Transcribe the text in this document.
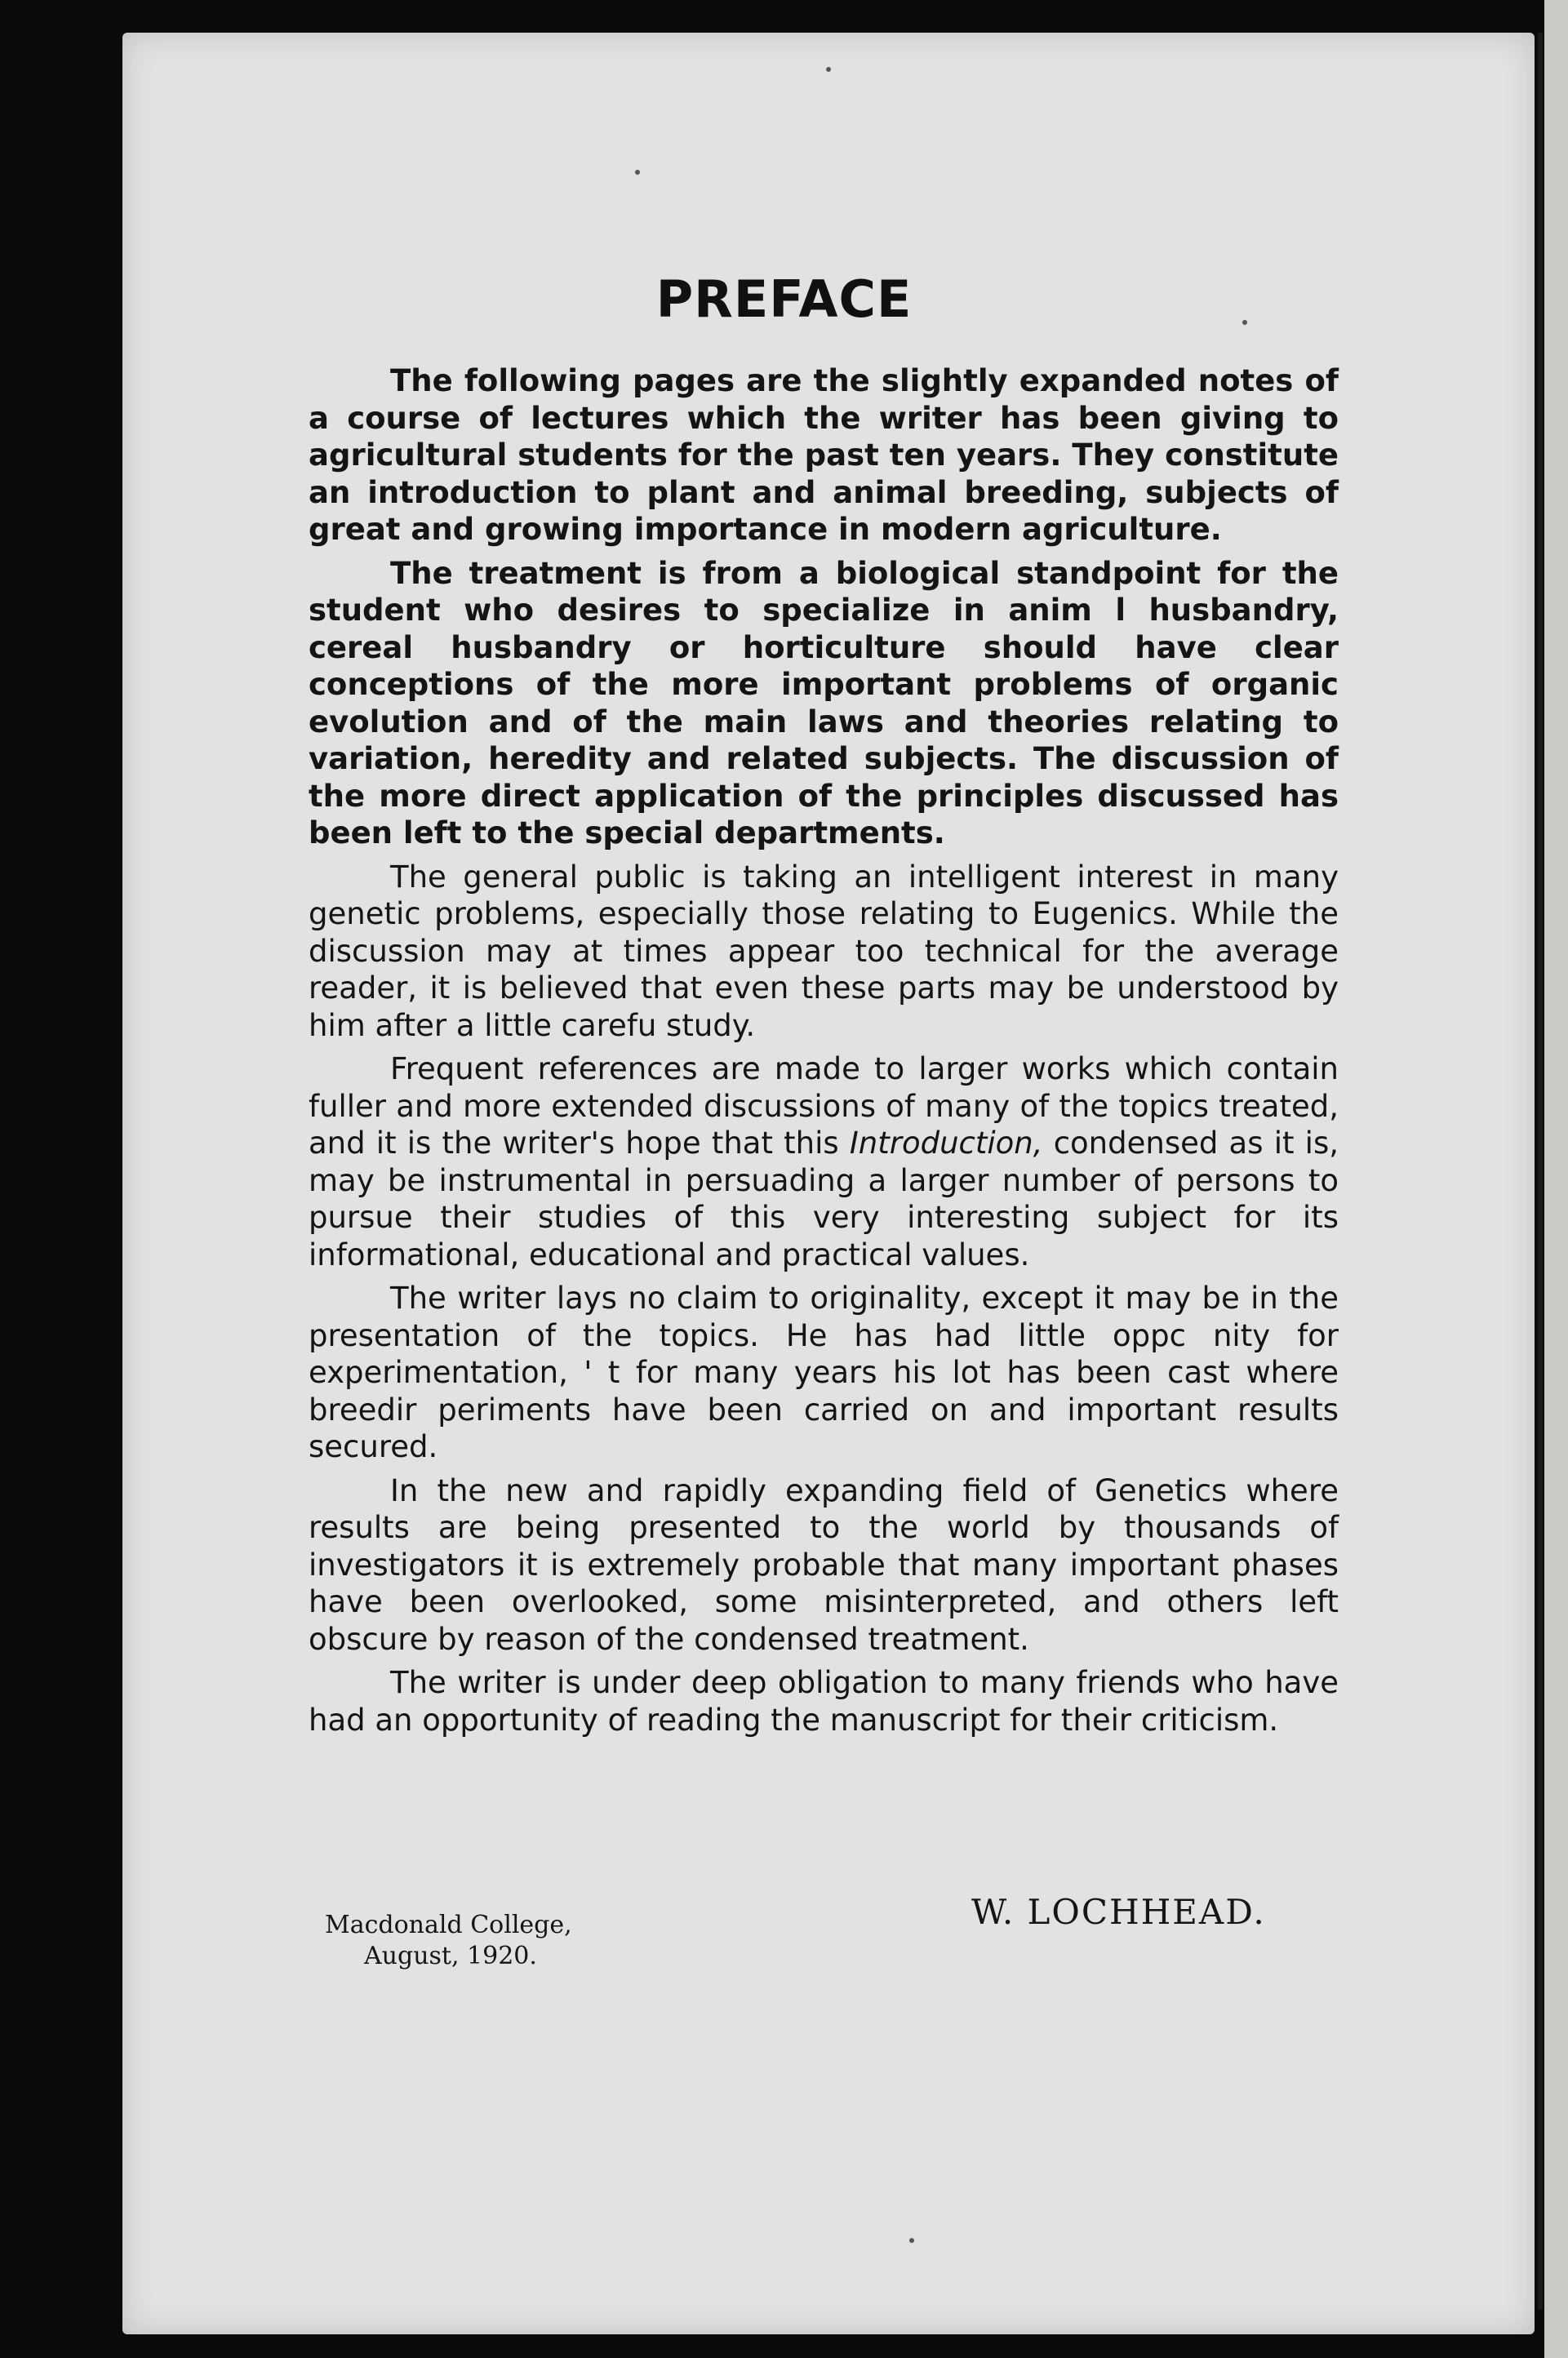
PREFACE

The following pages are the slightly expanded notes of a course of lectures which the writer has been giving to agricultural students for the past ten years. They constitute an introduction to plant and animal breeding, subjects of great and growing importance in modern agriculture.

The treatment is from a biological standpoint for the student who desires to specialize in anim l husbandry, cereal husbandry or horticulture should have clear conceptions of the more important problems of organic evolution and of the main laws and theories relating to variation, heredity and related subjects. The discussion of the more direct application of the principles discussed has been left to the special departments.

The general public is taking an intelligent interest in many genetic problems, especially those relating to Eugenics. While the discussion may at times appear too technical for the average reader, it is believed that even these parts may be understood by him after a little carefu study.

Frequent references are made to larger works which contain fuller and more extended discussions of many of the topics treated, and it is the writer's hope that this Introduction, condensed as it is, may be instrumental in persuading a larger number of persons to pursue their studies of this very interesting subject for its informational, educational and practical values.

The writer lays no claim to originality, except it may be in the presentation of the topics. He has had little oppc nity for experimentation, ' t for many years his lot has been cast where breedir periments have been carried on and important results secured.

In the new and rapidly expanding field of Genetics where results are being presented to the world by thousands of investigators it is extremely probable that many important phases have been overlooked, some misinterpreted, and others left obscure by reason of the condensed treatment.

The writer is under deep obligation to many friends who have had an opportunity of reading the manuscript for their criticism.

Macdonald College,
August, 1920.
W. LOCHHEAD.
